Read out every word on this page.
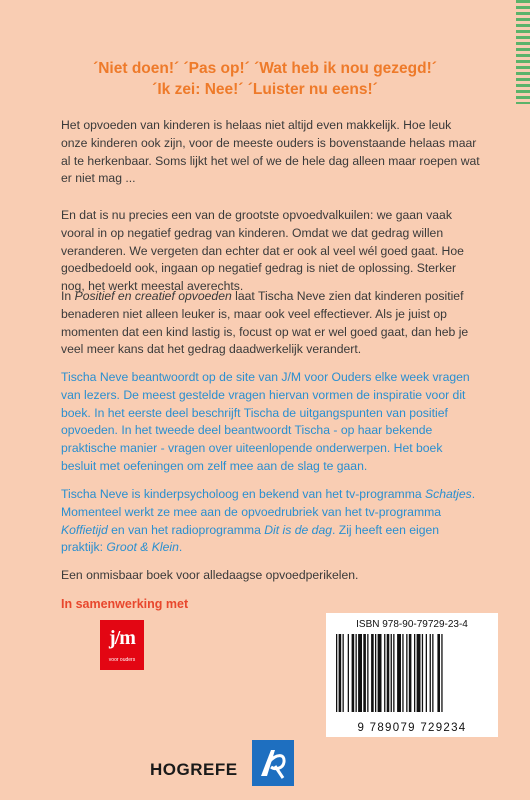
´Niet doen!´ ´Pas op!´ ´Wat heb ik nou gezegd!´
´Ik zei: Nee!´ ´Luister nu eens!´

Het opvoeden van kinderen is helaas niet altijd even makkelijk. Hoe leuk onze kinderen ook zijn, voor de meeste ouders is bovenstaande helaas maar al te herkenbaar. Soms lijkt het wel of we de hele dag alleen maar roepen wat er niet mag ...

En dat is nu precies een van de grootste opvoedvalkuilen: we gaan vaak vooral in op negatief gedrag van kinderen. Omdat we dat gedrag willen veranderen. We vergeten dan echter dat er ook al veel wél goed gaat. Hoe goedbedoeld ook, ingaan op negatief gedrag is niet de oplossing. Sterker nog, het werkt meestal averechts.

In Positief en creatief opvoeden laat Tischa Neve zien dat kinderen positief benaderen niet alleen leuker is, maar ook veel effectiever. Als je juist op momenten dat een kind lastig is, focust op wat er wel goed gaat, dan heb je veel meer kans dat het gedrag daadwerkelijk verandert.

Tischa Neve beantwoordt op de site van J/M voor Ouders elke week vragen van lezers. De meest gestelde vragen hiervan vormen de inspiratie voor dit boek. In het eerste deel beschrijft Tischa de uitgangspunten van positief opvoeden. In het tweede deel beantwoordt Tischa - op haar bekende praktische manier - vragen over uiteenlopende onderwerpen. Het boek besluit met oefeningen om zelf mee aan de slag te gaan.

Tischa Neve is kinderpsycholoog en bekend van het tv-programma Schatjes. Momenteel werkt ze mee aan de opvoedrubriek van het tv-programma Koffietijd en van het radioprogramma Dit is de dag. Zij heeft een eigen praktijk: Groot & Klein.

Een onmisbaar boek voor alledaagse opvoedperikelen.

In samenwerking met
j/m
voor ouders
ISBN 978-90-79729-23-4
9 789079 729234
HOGREFE
